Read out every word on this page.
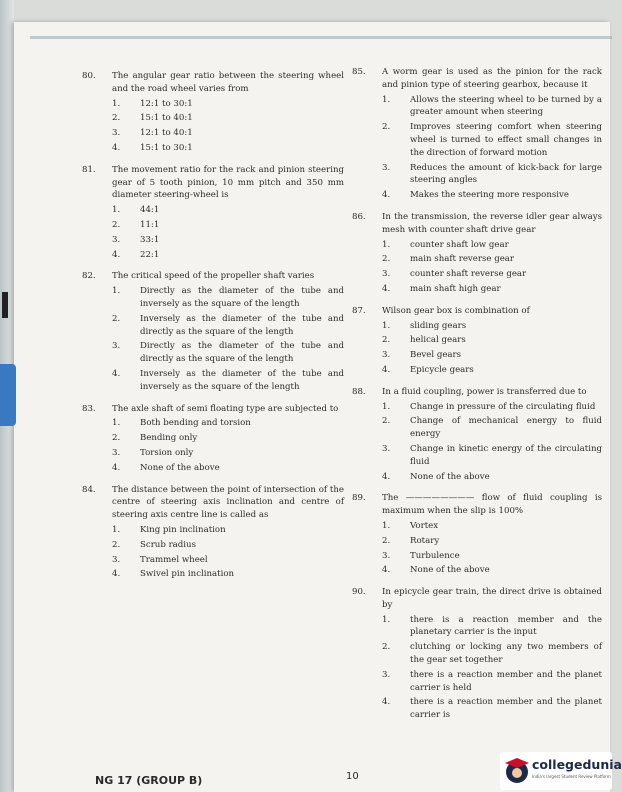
80. The angular gear ratio between the steering wheel and the road wheel varies from
1. 12:1 to 30:1
2. 15:1 to 40:1
3. 12:1 to 40:1
4. 15:1 to 30:1
81. The movement ratio for the rack and pinion steering gear of 5 tooth pinion, 10 mm pitch and 350 mm diameter steering-wheel is
1. 44:1
2. 11:1
3. 33:1
4. 22:1
82. The critical speed of the propeller shaft varies
1. Directly as the diameter of the tube and inversely as the square of the length
2. Inversely as the diameter of the tube and directly as the square of the length
3. Directly as the diameter of the tube and directly as the square of the length
4. Inversely as the diameter of the tube and inversely as the square of the length
83. The axle shaft of semi floating type are subjected to
1. Both bending and torsion
2. Bending only
3. Torsion only
4. None of the above
84. The distance between the point of intersection of the centre of steering axis inclination and centre of steering axis centre line is called as
1. King pin inclination
2. Scrub radius
3. Trammel wheel
4. Swivel pin inclination
85. A worm gear is used as the pinion for the rack and pinion type of steering gearbox, because it
1. Allows the steering wheel to be turned by a greater amount when steering
2. Improves steering comfort when steering wheel is turned to effect small changes in the direction of forward motion
3. Reduces the amount of kick-back for large steering angles
4. Makes the steering more responsive
86. In the transmission, the reverse idler gear always mesh with counter shaft drive gear
1. counter shaft low gear
2. main shaft reverse gear
3. counter shaft reverse gear
4. main shaft high gear
87. Wilson gear box is combination of
1. sliding gears
2. helical gears
3. Bevel gears
4. Epicycle gears
88. In a fluid coupling, power is transferred due to
1. Change in pressure of the circulating fluid
2. Change of mechanical energy to fluid energy
3. Change in kinetic energy of the circulating fluid
4. None of the above
89. The ———————— flow of fluid coupling is maximum when the slip is 100%
1. Vortex
2. Rotary
3. Turbulence
4. None of the above
90. In epicycle gear train, the direct drive is obtained by
1. there is a reaction member and the planetary carrier is the input
2. clutching or locking any two members of the gear set together
3. there is a reaction member and the planet carrier is held
4. there is a reaction member and the planet carrier is
NG 17 (GROUP B)	10
collegedunia
India's largest Student Review Platform
